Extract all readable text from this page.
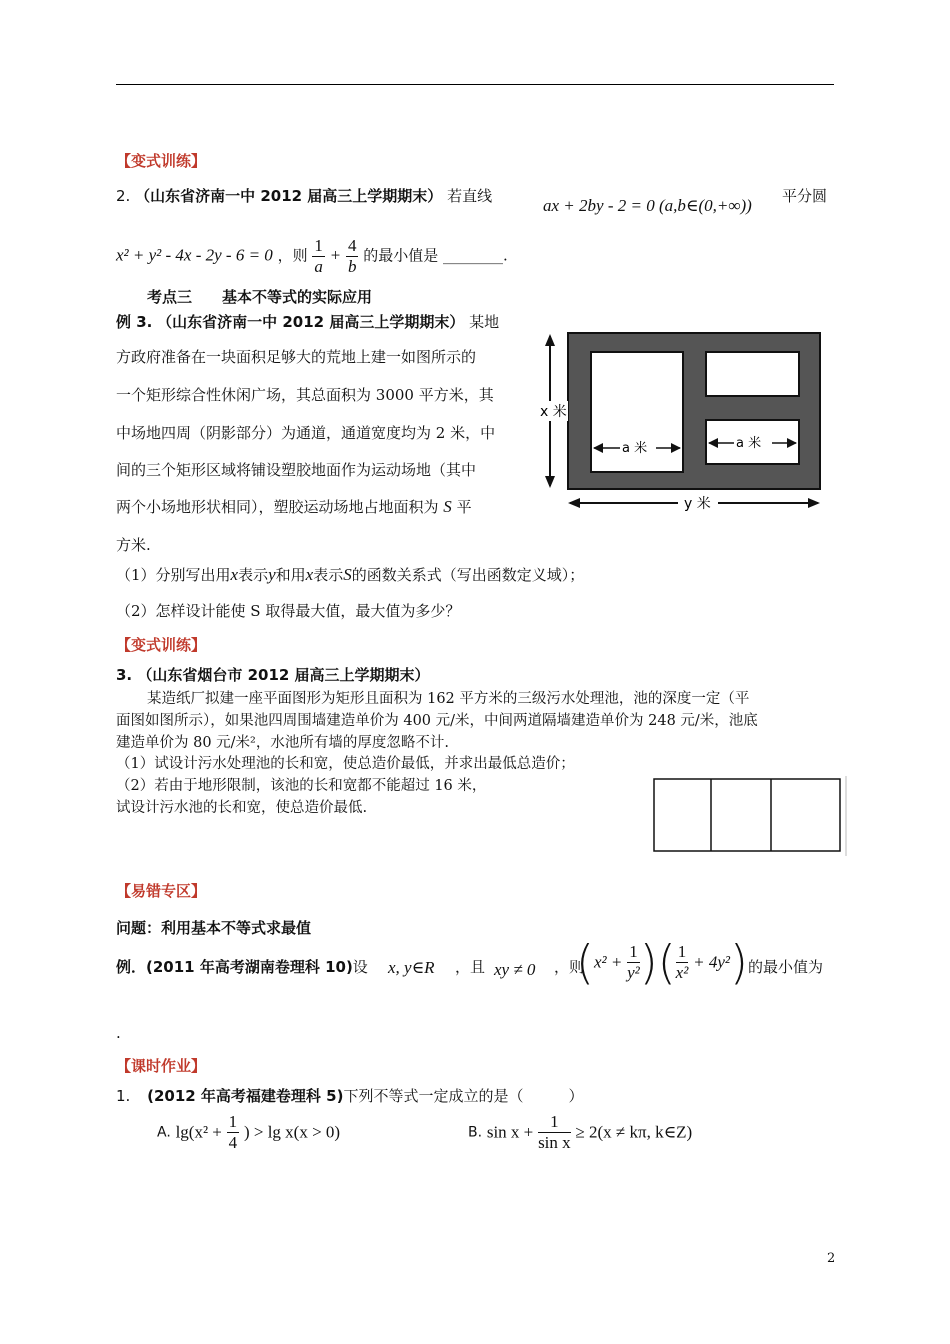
【变式训练】
2. （山东省济南一中 2012 届高三上学期期末） 若直线	ax + 2by - 2 = 0 (a,b∈(0,+∞)) 平分圆
x² + y² - 4x - 2y - 6 = 0 ，则 $\frac{1}{a} + \frac{4}{b}$ 的最小值是 ________.
考点三　　基本不等式的实际应用
例 3. （山东省济南一中 2012 届高三上学期期末） 某地
方政府准备在一块面积足够大的荒地上建一如图所示的
一个矩形综合性休闲广场，其总面积为 3000 平方米，其
中场地四周（阴影部分）为通道，通道宽度均为 2 米，中
间的三个矩形区域将铺设塑胶地面作为运动场地（其中
两个小场地形状相同），塑胶运动场地占地面积为 S 平
方米.
x 米
y 米
a 米	a 米
（1）分别写出用x表示y和用x表示S的函数关系式（写出函数定义域）；
（2）怎样设计能使 S 取得最大值，最大值为多少？
【变式训练】
3. （山东省烟台市 2012 届高三上学期期末）
某造纸厂拟建一座平面图形为矩形且面积为 162 平方米的三级污水处理池，池的深度一定（平
面图如图所示），如果池四周围墙建造单价为 400 元/米，中间两道隔墙建造单价为 248 元/米，池底
建造单价为 80 元/米²，水池所有墙的厚度忽略不计.
（1）试设计污水处理池的长和宽，使总造价最低，并求出最低总造价；
（2）若由于地形限制，该池的长和宽都不能超过 16 米，
试设计污水池的长和宽，使总造价最低.
【易错专区】
问题：利用基本不等式求最值
例．(2011 年高考湖南卷理科 10)设 x, y∈R ，且 xy ≠ 0 ，则
($x^2 + \frac{1}{\text{y²}}$ )( $\frac{1}{\text{x²}} + 4y^2$) 的最小值为
.
【课时作业】
1. (2012 年高考福建卷理科 5)下列不等式一定成立的是（　　　）
A. $\lg(x^2 + \frac{1}{4}$ ) > lg x(x > 0)	B. $\sin x + \frac{1}{\text{sin x}} \ge 2(x \ne k\pi$, k∈Z)
2
